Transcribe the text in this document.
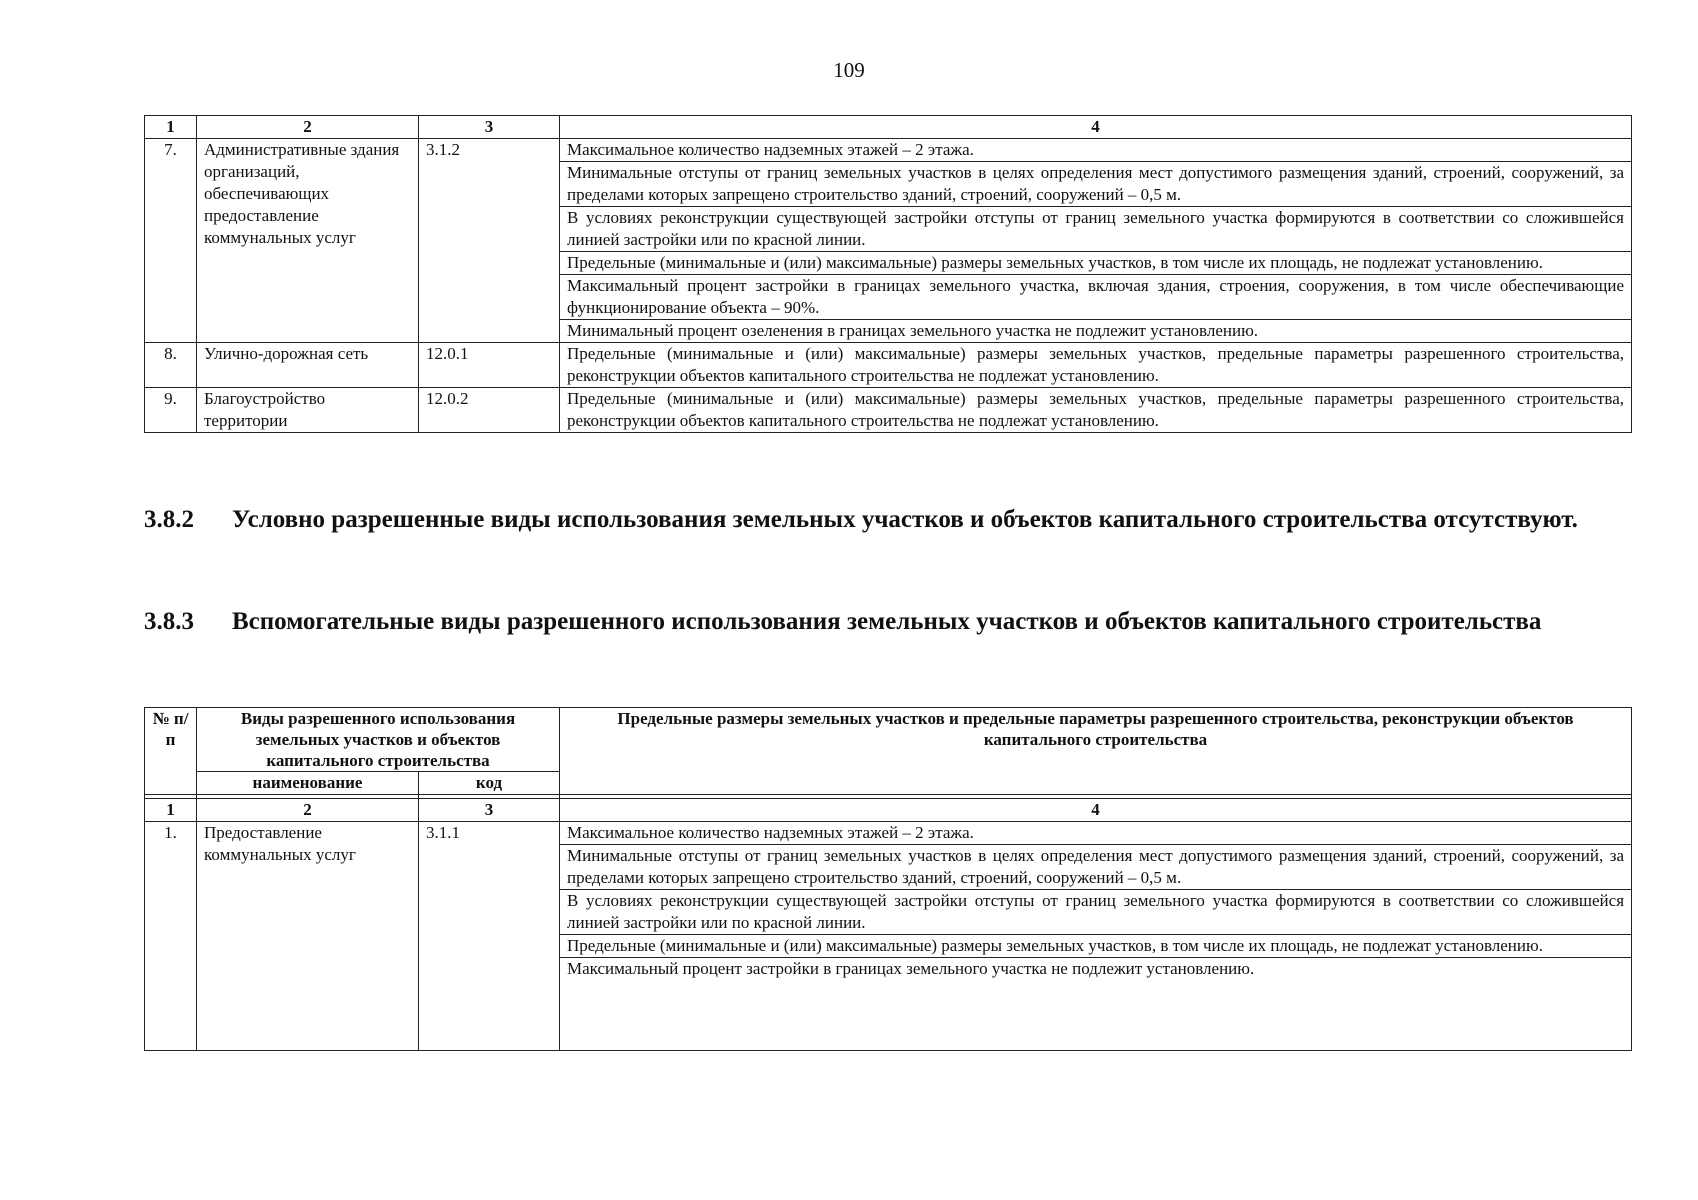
109
1	2	3	4
7.	Административные здания организаций, обеспечивающих предоставление коммунальных услуг	3.1.2	Максимальное количество надземных этажей – 2 этажа.
			Минимальные отступы от границ земельных участков в целях определения мест допустимого размещения зданий, строений, сооружений, за пределами которых запрещено строительство зданий, строений, сооружений – 0,5 м.
			В условиях реконструкции существующей застройки отступы от границ земельного участка формируются в соответствии со сложившейся линией застройки или по красной линии.
			Предельные (минимальные и (или) максимальные) размеры земельных участков, в том числе их площадь, не подлежат установлению.
			Максимальный процент застройки в границах земельного участка, включая здания, строения, сооружения, в том числе обеспечивающие функционирование объекта – 90%.
			Минимальный процент озеленения в границах земельного участка не подлежит установлению.
8.	Улично-дорожная сеть	12.0.1	Предельные (минимальные и (или) максимальные) размеры земельных участков, предельные параметры разрешенного строительства, реконструкции объектов капитального строительства не подлежат установлению.
9.	Благоустройство территории	12.0.2	Предельные (минимальные и (или) максимальные) размеры земельных участков, предельные параметры разрешенного строительства, реконструкции объектов капитального строительства не подлежат установлению.
3.8.2 Условно разрешенные виды использования земельных участков и объектов капитального строительства отсутствуют.
3.8.3 Вспомогательные виды разрешенного использования земельных участков и объектов капитального строительства
№ п/п	Виды разрешенного использования земельных участков и объектов капитального строительства		Предельные размеры земельных участков и предельные параметры разрешенного строительства, реконструкции объектов капитального строительства
	наименование	код	

1	2	3	4
1.	Предоставление коммунальных услуг	3.1.1	Максимальное количество надземных этажей – 2 этажа.
			Минимальные отступы от границ земельных участков в целях определения мест допустимого размещения зданий, строений, сооружений, за пределами которых запрещено строительство зданий, строений, сооружений – 0,5 м.
			В условиях реконструкции существующей застройки отступы от границ земельного участка формируются в соответствии со сложившейся линией застройки или по красной линии.
			Предельные (минимальные и (или) максимальные) размеры земельных участков, в том числе их площадь, не подлежат установлению.
			Максимальный процент застройки в границах земельного участка не подлежит установлению.
